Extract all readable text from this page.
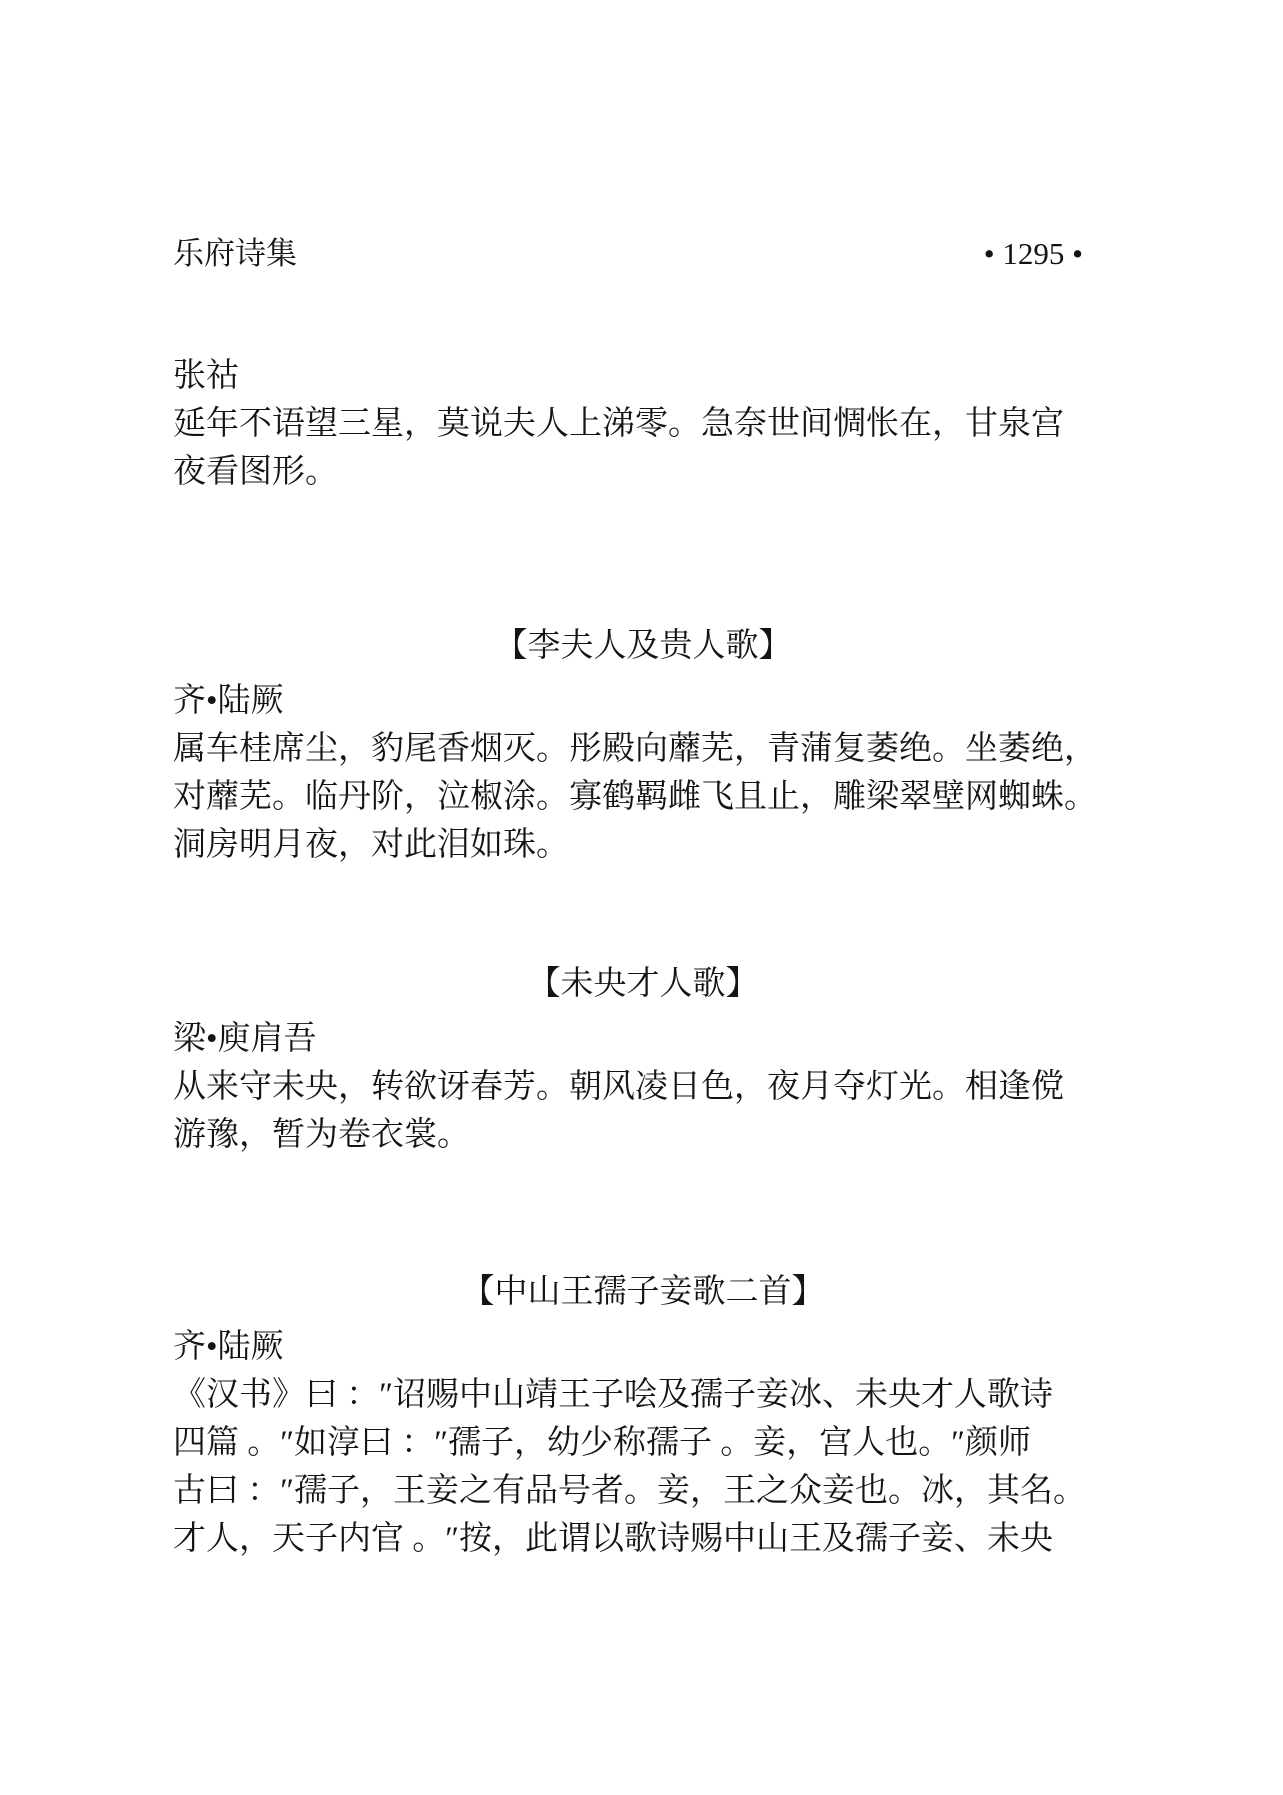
乐府诗集	• 1295 •
张祜
延年不语望三星，莫说夫人上涕零。急奈世间惆怅在，甘泉宫
夜看图形。
【李夫人及贵人歌】
齐•陆厥
属车桂席尘，豹尾香烟灭。彤殿向蘼芜，青蒲复萎绝。坐萎绝，
对蘼芜。临丹阶，泣椒涂。寡鹤羁雌飞且止，雕梁翠壁网蜘蛛。
洞房明月夜，对此泪如珠。
【未央才人歌】
梁•庾肩吾
从来守未央，转欲讶春芳。朝风凌日色，夜月夺灯光。相逢傥
游豫，暂为卷衣裳。
【中山王孺子妾歌二首】
齐•陆厥
《汉书》曰 ：″诏赐中山靖王子哙及孺子妾冰、未央才人歌诗
四篇 。″如淳曰 ：″孺子，幼少称孺子 。妾，宫人也。″颜师
古曰 ：″孺子，王妾之有品号者。妾，王之众妾也。冰，其名。
才人，天子内官 。″按，此谓以歌诗赐中山王及孺子妾、未央
